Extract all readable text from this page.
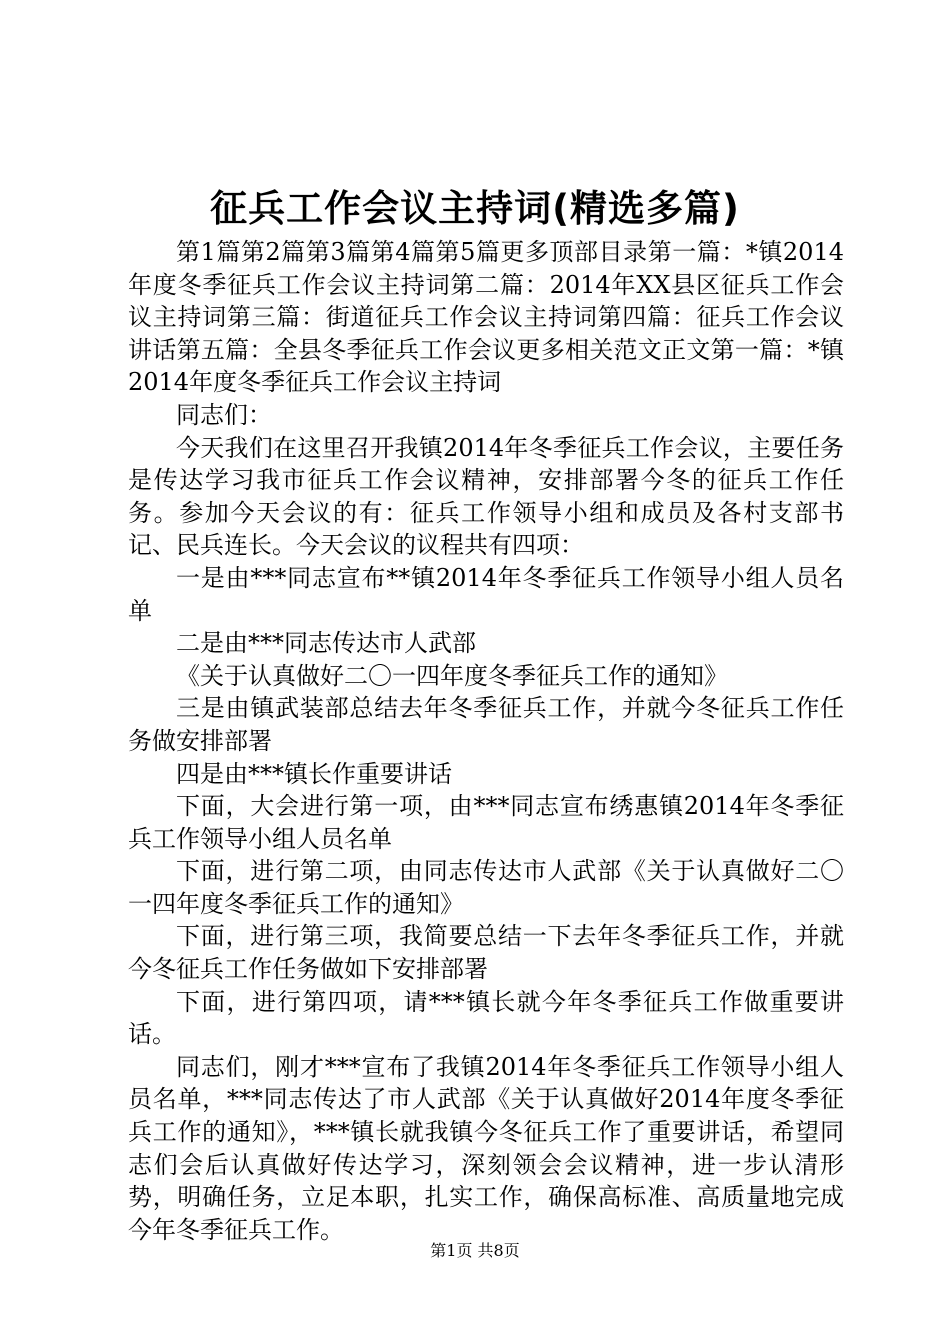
征兵工作会议主持词(精选多篇)

第1篇第2篇第3篇第4篇第5篇更多顶部目录第一篇：*镇2014年度冬季征兵工作会议主持词第二篇：2014年XX县区征兵工作会议主持词第三篇：街道征兵工作会议主持词第四篇：征兵工作会议讲话第五篇：全县冬季征兵工作会议更多相关范文正文第一篇：*镇2014年度冬季征兵工作会议主持词

同志们：

今天我们在这里召开我镇2014年冬季征兵工作会议，主要任务是传达学习我市征兵工作会议精神，安排部署今冬的征兵工作任务。参加今天会议的有：征兵工作领导小组和成员及各村支部书记、民兵连长。今天会议的议程共有四项：

一是由***同志宣布**镇2014年冬季征兵工作领导小组人员名单

二是由***同志传达市人武部

《关于认真做好二〇一四年度冬季征兵工作的通知》

三是由镇武装部总结去年冬季征兵工作，并就今冬征兵工作任务做安排部署

四是由***镇长作重要讲话

下面，大会进行第一项，由***同志宣布绣惠镇2014年冬季征兵工作领导小组人员名单

下面，进行第二项，由同志传达市人武部《关于认真做好二〇一四年度冬季征兵工作的通知》

下面，进行第三项，我简要总结一下去年冬季征兵工作，并就今冬征兵工作任务做如下安排部署

下面，进行第四项，请***镇长就今年冬季征兵工作做重要讲话。

同志们，刚才***宣布了我镇2014年冬季征兵工作领导小组人员名单，***同志传达了市人武部《关于认真做好2014年度冬季征兵工作的通知》，***镇长就我镇今冬征兵工作了重要讲话，希望同志们会后认真做好传达学习，深刻领会会议精神，进一步认清形势，明确任务，立足本职，扎实工作，确保高标准、高质量地完成今年冬季征兵工作。

第1页 共8页
